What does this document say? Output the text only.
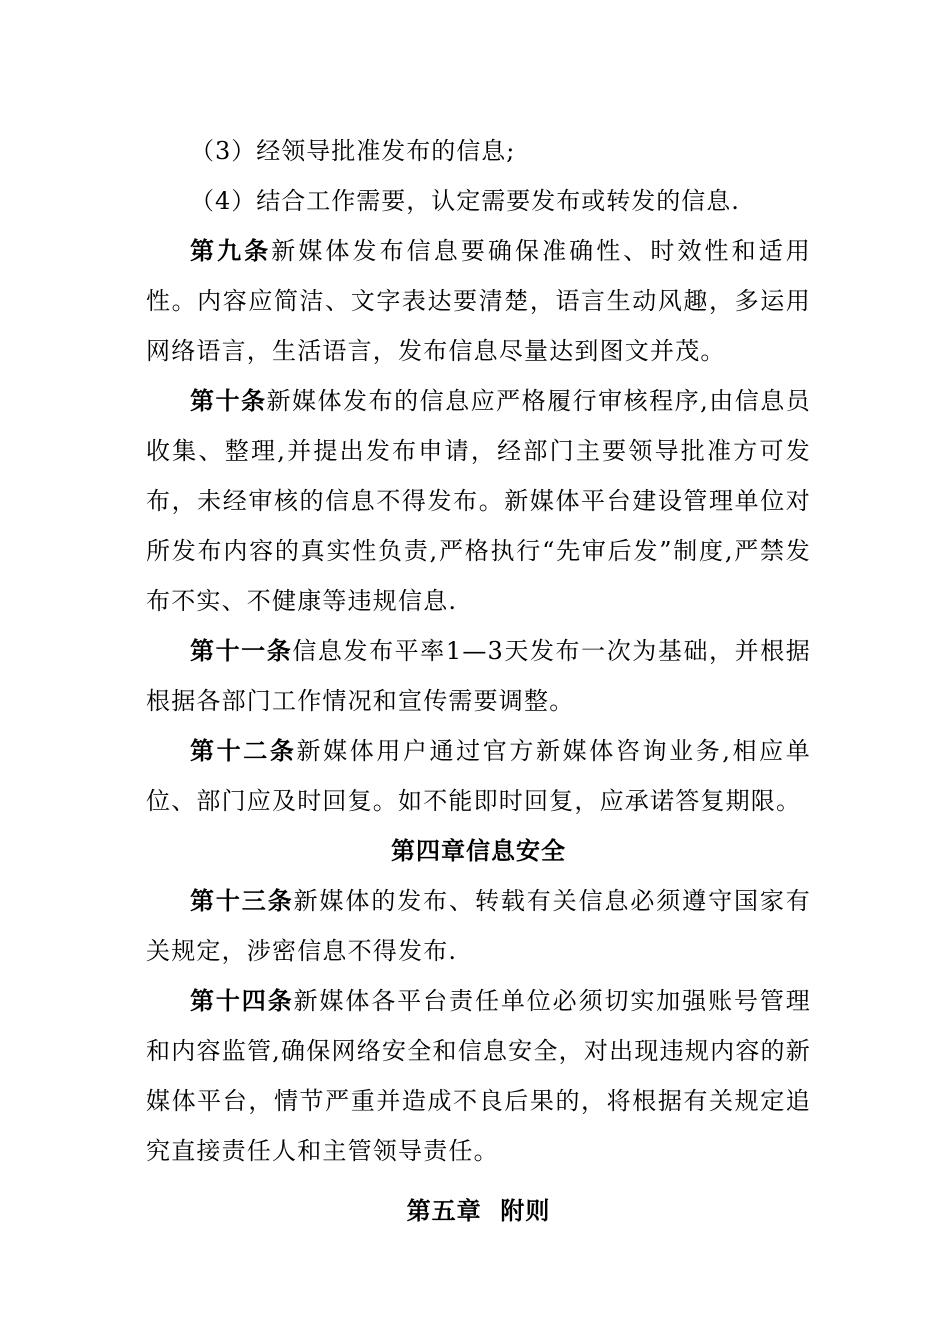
（3）经领导批准发布的信息;

（4）结合工作需要，认定需要发布或转发的信息.

第九条新媒体发布信息要确保准确性、时效性和适用性。内容应简洁、文字表达要清楚，语言生动风趣，多运用网络语言，生活语言，发布信息尽量达到图文并茂。

第十条新媒体发布的信息应严格履行审核程序,由信息员收集、整理,并提出发布申请，经部门主要领导批准方可发布，未经审核的信息不得发布。新媒体平台建设管理单位对所发布内容的真实性负责,严格执行“先审后发”制度,严禁发布不实、不健康等违规信息.

第十一条信息发布平率1—3天发布一次为基础，并根据根据各部门工作情况和宣传需要调整。

第十二条新媒体用户通过官方新媒体咨询业务,相应单位、部门应及时回复。如不能即时回复，应承诺答复期限。

第四章信息安全

第十三条新媒体的发布、转载有关信息必须遵守国家有关规定，涉密信息不得发布.

第十四条新媒体各平台责任单位必须切实加强账号管理和内容监管,确保网络安全和信息安全，对出现违规内容的新媒体平台，情节严重并造成不良后果的，将根据有关规定追究直接责任人和主管领导责任。

第五章  附则
